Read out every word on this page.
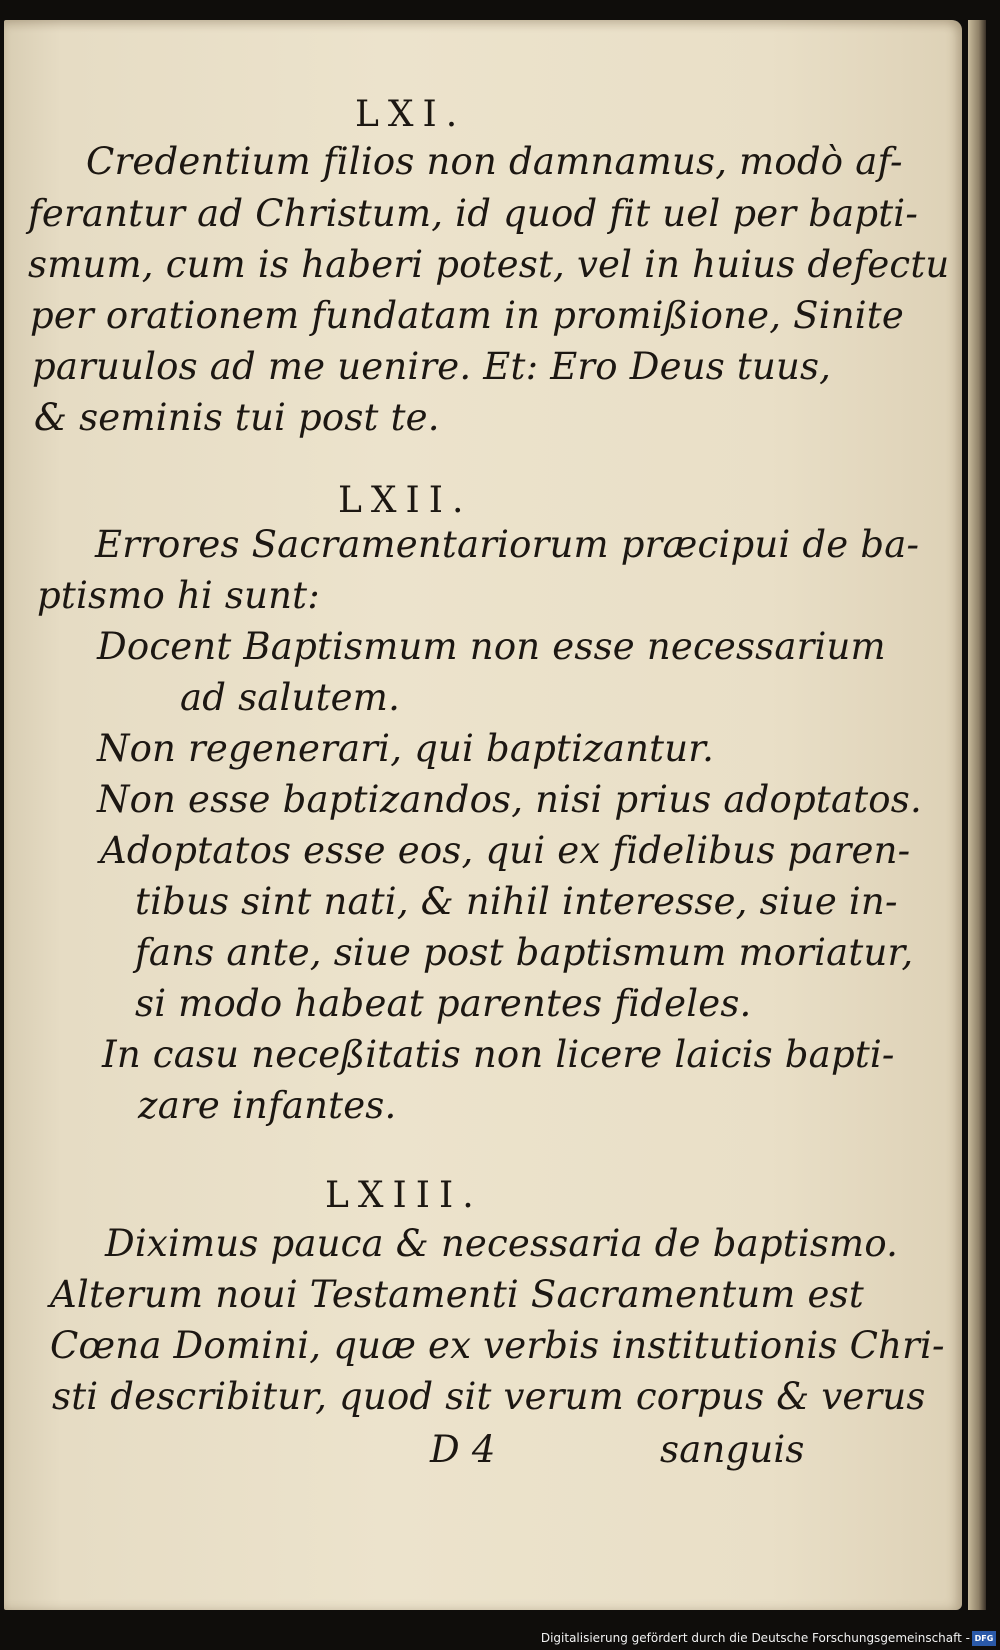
LXI.
Credentium filios non damnamus, modò af-
ferantur ad Christum, id quod fit uel per bapti-
smum, cum is haberi potest, vel in huius defectu
per orationem fundatam in promißione, Sinite
paruulos ad me uenire. Et: Ero Deus tuus,
& seminis tui post te.
LXII.
Errores Sacramentariorum præcipui de ba-
ptismo hi sunt:
Docent Baptismum non esse necessarium
ad salutem.
Non regenerari, qui baptizantur.
Non esse baptizandos, nisi prius adoptatos.
Adoptatos esse eos, qui ex fidelibus paren-
tibus sint nati, & nihil interesse, siue in-
fans ante, siue post baptismum moriatur,
si modo habeat parentes fideles.
In casu neceßitatis non licere laicis bapti-
zare infantes.
LXIII.
Diximus pauca & necessaria de baptismo.
Alterum noui Testamenti Sacramentum est
Cœna Domini, quæ ex verbis institutionis Chri-
sti describitur, quod sit verum corpus & verus
D 4	sanguis
Digitalisierung gefördert durch die Deutsche Forschungsgemeinschaft - DFG
